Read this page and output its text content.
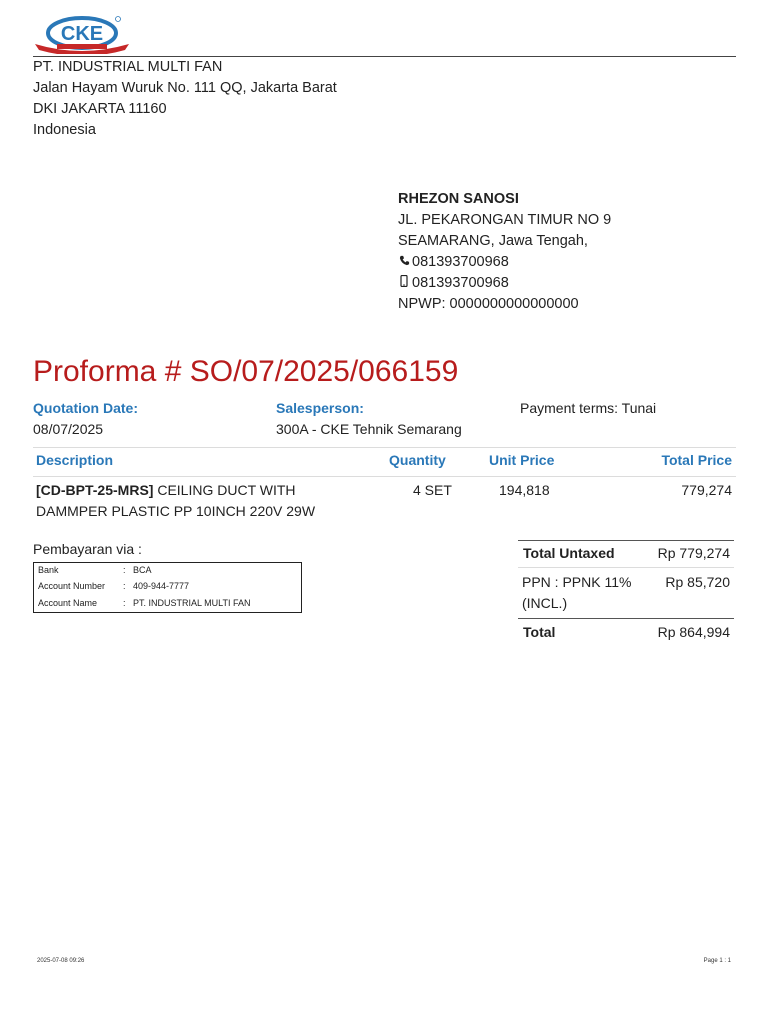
CKE
PT. INDUSTRIAL MULTI FAN
Jalan Hayam Wuruk No. 111 QQ, Jakarta Barat
DKI JAKARTA 11160
Indonesia
RHEZON SANOSI
JL. PEKARONGAN TIMUR NO 9
SEAMARANG, Jawa Tengah,
081393700968
081393700968
NPWP: 0000000000000000
Proforma # SO/07/2025/066159
Quotation Date:
08/07/2025
Salesperson:
300A - CKE Tehnik Semarang
Payment terms: Tunai
Description	Quantity	Unit Price	Total Price
[CD-BPT-25-MRS] CEILING DUCT WITH
DAMMPER PLASTIC PP 10INCH 220V 29W
4 SET	194,818	779,274
Pembayaran via :
Bank	: BCA
Account Number : 409-944-7777
Account Name	: PT. INDUSTRIAL MULTI FAN
Total Untaxed	Rp 779,274
PPN : PPNK 11%
(INCL.)
Rp 85,720
Total	Rp 864,994
2025-07-08 09:26	Page 1 : 1
